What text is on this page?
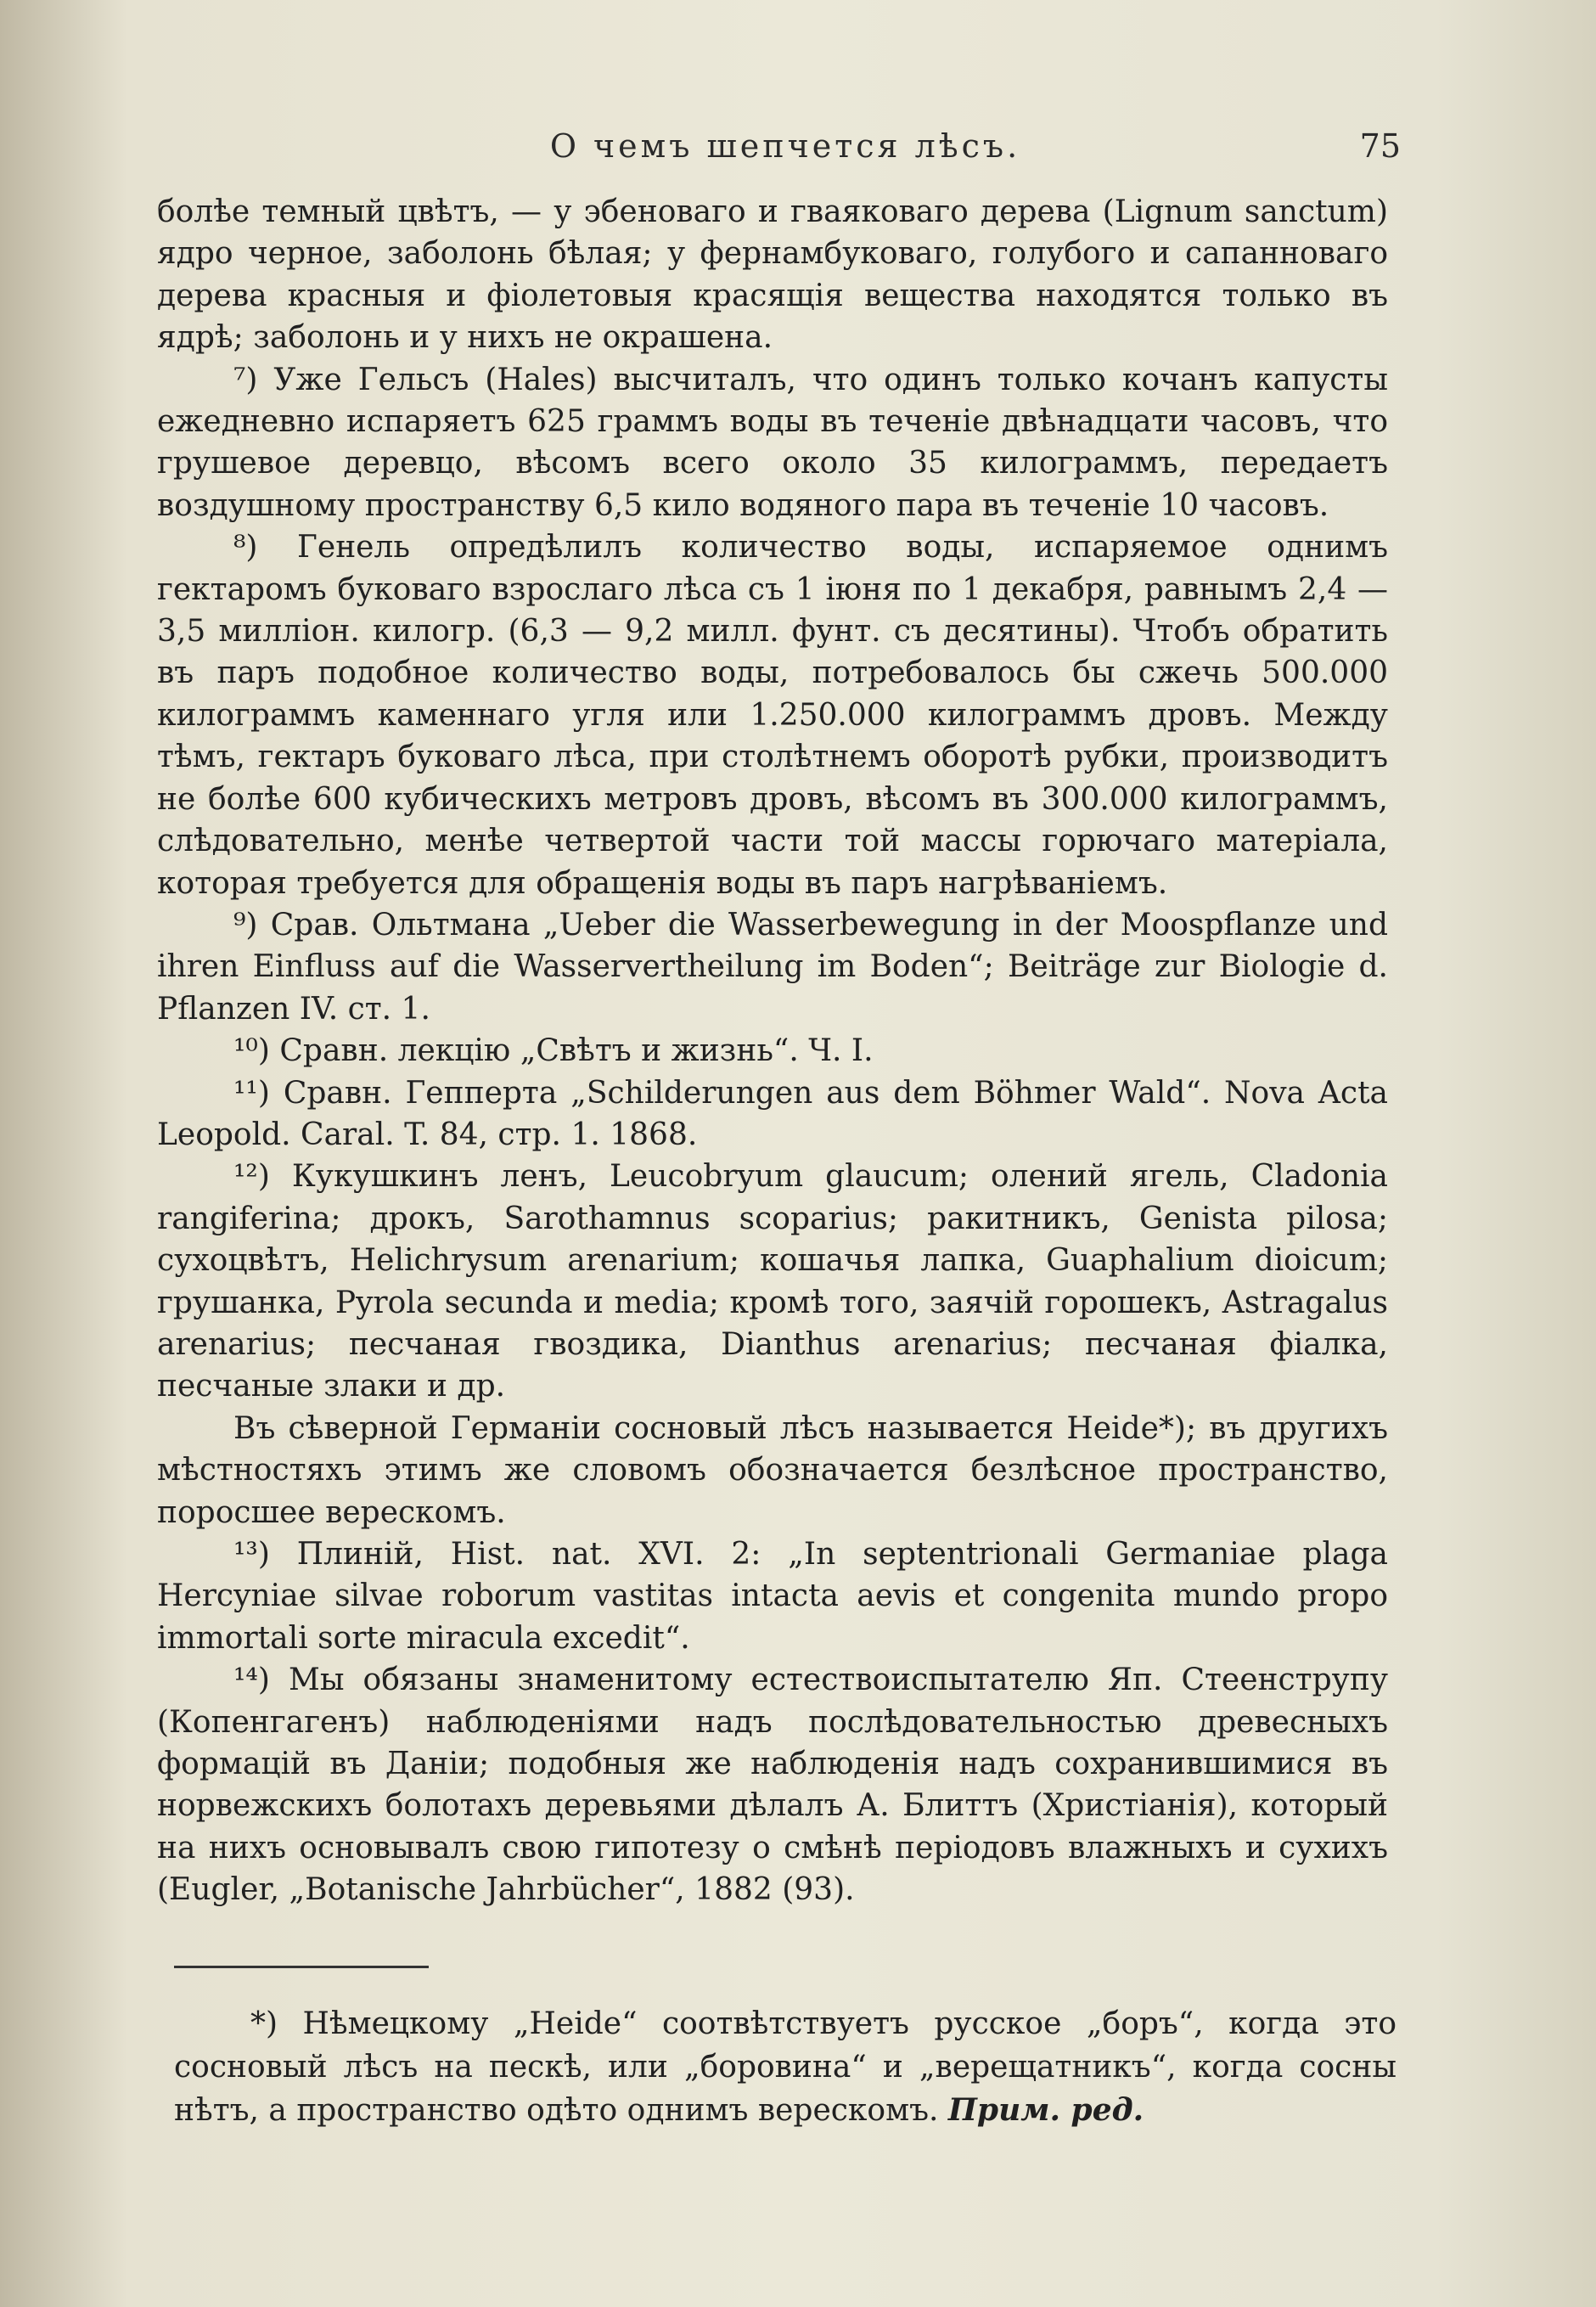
О чемъ шепчется лѣсъ.	75

болѣе темный цвѣтъ, — у эбеноваго и гваяковаго дерева (Lignum sanctum) ядро черное, заболонь бѣлая; у фернамбуковаго, голубого и сапанноваго дерева красныя и фіолетовыя красящія вещества находятся только въ ядрѣ; заболонь и у нихъ не окрашена.

⁷) Уже Гельсъ (Hales) высчиталъ, что одинъ только кочанъ капусты ежедневно испаряетъ 625 граммъ воды въ теченіе двѣнадцати часовъ, что грушевое деревцо, вѣсомъ всего около 35 килограммъ, передаетъ воздушному пространству 6,5 кило водяного пара въ теченіе 10 часовъ.

⁸) Генель опредѣлилъ количество воды, испаряемое однимъ гектаромъ буковаго взрослаго лѣса съ 1 іюня по 1 декабря, равнымъ 2,4 — 3,5 милліон. килогр. (6,3 — 9,2 милл. фунт. съ десятины). Чтобъ обратить въ паръ подобное количество воды, потребовалось бы сжечь 500.000 килограммъ каменнаго угля или 1.250.000 килограммъ дровъ. Между тѣмъ, гектаръ буковаго лѣса, при столѣтнемъ оборотѣ рубки, производитъ не болѣе 600 кубическихъ метровъ дровъ, вѣсомъ въ 300.000 килограммъ, слѣдовательно, менѣе четвертой части той массы горючаго матеріала, которая требуется для обращенія воды въ паръ нагрѣваніемъ.

⁹) Срав. Ольтмана „Ueber die Wasserbewegung in der Moospflanze und ihren Einfluss auf die Wasservertheilung im Boden“; Beiträge zur Biologie d. Pflanzen IV. ст. 1.

¹⁰) Сравн. лекцію „Свѣтъ и жизнь“. Ч. I.

¹¹) Сравн. Гепперта „Schilderungen aus dem Böhmer Wald“. Nova Acta Leopold. Caral. T. 84, стр. 1. 1868.

¹²) Кукушкинъ ленъ, Leucobryum glaucum; олений ягель, Cladonia rangiferina; дрокъ, Sarothamnus scoparius; ракитникъ, Genista pilosa; сухоцвѣтъ, Helichrysum arenarium; кошачья лапка, Guaphalium dioicum; грушанка, Pyrola secunda и media; кромѣ того, заячій горошекъ, Astragalus arenarius; песчаная гвоздика, Dianthus arenarius; песчаная фіалка, песчаные злаки и др.

Въ сѣверной Германіи сосновый лѣсъ называется Heide*); въ другихъ мѣстностяхъ этимъ же словомъ обозначается безлѣсное пространство, поросшее верескомъ.

¹³) Плиній, Hist. nat. XVI. 2: „In septentrionali Germaniae plaga Hercyniae silvae roborum vastitas intacta aevis et congenita mundo propo immortali sorte miracula excedit“.

¹⁴) Мы обязаны знаменитому естествоиспытателю Яп. Стеенструпу (Копенгагенъ) наблюденіями надъ послѣдовательностью древесныхъ формацій въ Даніи; подобныя же наблюденія надъ сохранившимися въ норвежскихъ болотахъ деревьями дѣлалъ А. Блиттъ (Христіанія), который на нихъ основывалъ свою гипотезу о смѣнѣ періодовъ влажныхъ и сухихъ (Eugler, „Botanische Jahrbücher“, 1882 (93).

*) Нѣмецкому „Heide“ соотвѣтствуетъ русское „боръ“, когда это сосновый лѣсъ на пескѣ, или „боровина“ и „верещатникъ“, когда сосны нѣтъ, а пространство одѣто однимъ верескомъ. Прим. ред.
